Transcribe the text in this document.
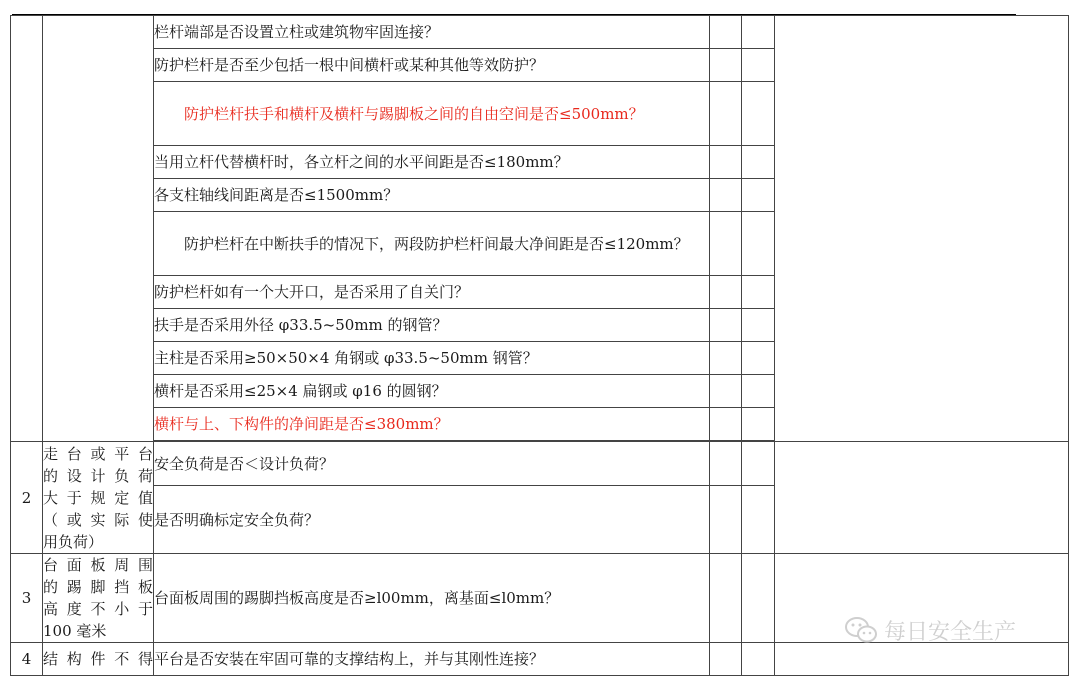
		栏杆端部是否设置立柱或建筑物牢固连接？			
		防护栏杆是否至少包括一根中间横杆或某种其他等效防护？			
		防护栏杆扶手和横杆及横杆与踢脚板之间的自由空间是否≤500mm？			
		当用立杆代替横杆时，各立杆之间的水平间距是否≤180mm？			
		各支柱轴线间距离是否≤1500mm？			
		防护栏杆在中断扶手的情况下，两段防护栏杆间最大净间距是否≤120mm？			
		防护栏杆如有一个大开口，是否采用了自关门？			
		扶手是否采用外径 φ33.5~50mm 的钢管？			
		主柱是否采用≥50×50×4 角钢或 φ33.5~50mm 钢管？			
		横杆是否采用≤25×4 扁钢或 φ16 的圆钢？			
		横杆与上、下构件的净间距是否≤380mm？			

2	走台或平台
的设计负荷
大于规定值
（或实际使

用负荷）	安全负荷是否＜设计负荷？			
		是否明确标定安全负荷？			
3	台面板周围
的踢脚挡板
高度不小于

100 毫米	台面板周围的踢脚挡板高度是否≥l00mm，离基面≤l0mm？			
4	结构件不得	平台是否安装在牢固可靠的支撑结构上，并与其刚性连接？			
每日安全生产
